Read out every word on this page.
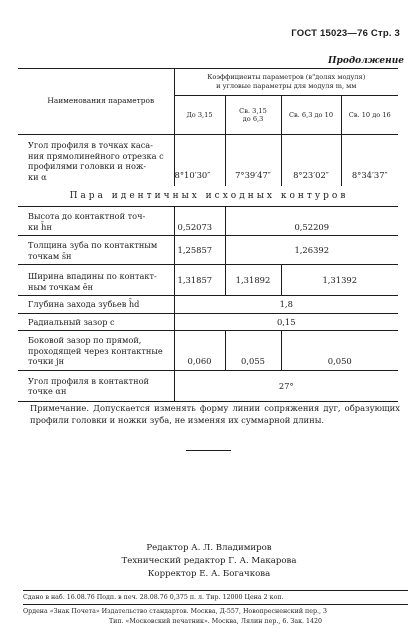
ГОСТ 15023—76 Стр. 3
Продолжение
Наименования параметров	Коэффициенты параметров (в"долях модуля)
и угловые параметры для модуля m, мм			

	До 3,15	Св. 3,15
до 6,3	Св. 6,3 до 10	Св. 10 до 16

Угол профиля в точках каса-
ния прямолинейного отрезка с
профилями головки и нож-
ки α	8°10′30″	7°39′47″	8°23′02″	8°34′37″
Пара идентичных исходных контуров
Высота до контактной точ-
ки h̄н	0,52073	0,52209	

Толщина зуба по контактным
точкам s̄н	1,25857	1,26392	

Ширина впадины по контакт-
ным точкам ēн	1,31857	1,31892	1,31392
Глубина захода зубьев h̄d	1,8		
Радиальный зазор c	0,15		

Боковой зазор по прямой,
проходящей через контактные
точки jн	0,060	0,055	0,050

Угол профиля в контактной
точке αн	27°		
Примечание. Допускается изменять форму линии сопряжения дуг, образующих профили головки и ножки зуба, не изменяя их суммарной длины.
Редактор А. Л. Владимиров
Технический редактор Г. А. Макарова
Корректор Е. А. Богачкова
Сдано в наб. 16.08.76 Подп. в печ. 28.08.76 0,375 п. л. Тир. 12000 Цена 2 коп.
Ордена «Знак Почета» Издательство стандартов. Москва, Д-557, Новопресненский пер., 3
Тип. «Московский печатник». Москва, Лялин пер., 6. Зак. 1420
